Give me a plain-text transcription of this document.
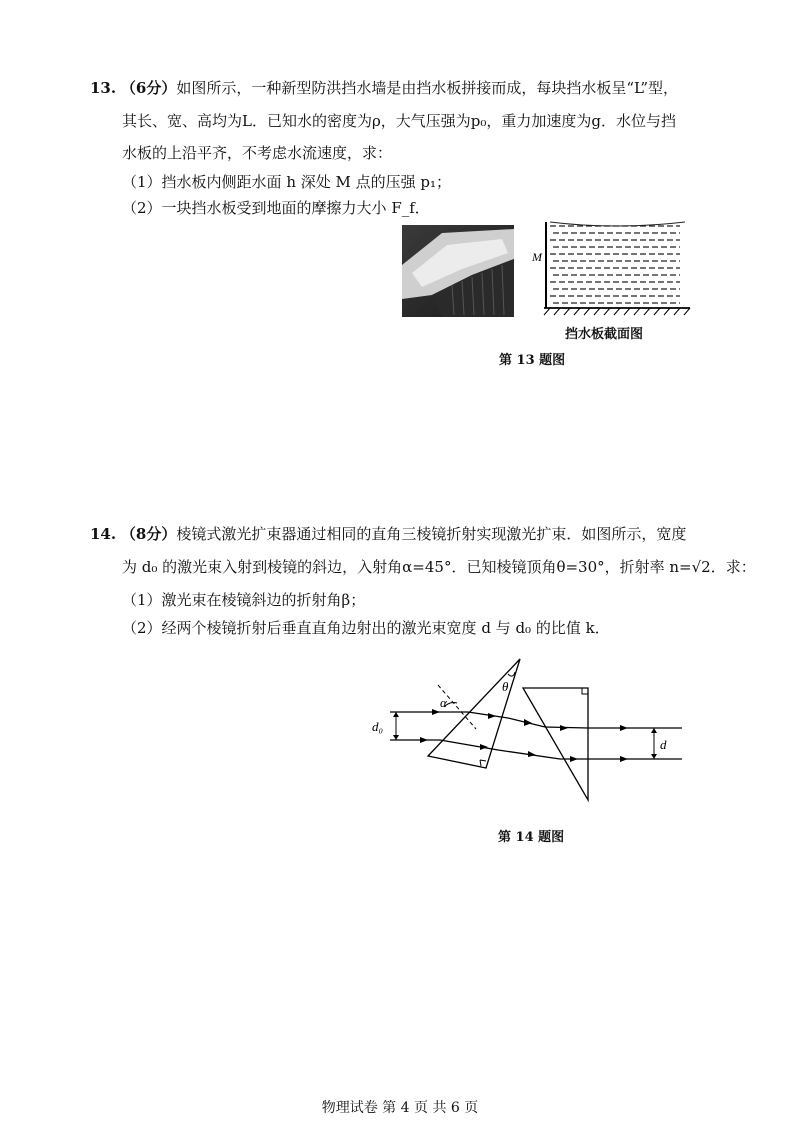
13. （6分）如图所示，一种新型防洪挡水墙是由挡水板拼接而成，每块挡水板呈“L”型，
其长、宽、高均为L．已知水的密度为ρ，大气压强为p₀，重力加速度为g．水位与挡
水板的上沿平齐，不考虑水流速度，求：
（1）挡水板内侧距水面 h 深处 M 点的压强 p₁；
（2）一块挡水板受到地面的摩擦力大小 F_f．
M
挡水板截面图
第 13 题图
14. （8分）棱镜式激光扩束器通过相同的直角三棱镜折射实现激光扩束．如图所示，宽度
为 d₀ 的激光束入射到棱镜的斜边，入射角α=45°．已知棱镜顶角θ=30°，折射率 n=√2．求：
（1）激光束在棱镜斜边的折射角β；
（2）经两个棱镜折射后垂直直角边射出的激光束宽度 d 与 d₀ 的比值 k．
α
θ
d₀
d
第 14 题图
物理试卷 第 4 页 共 6 页
